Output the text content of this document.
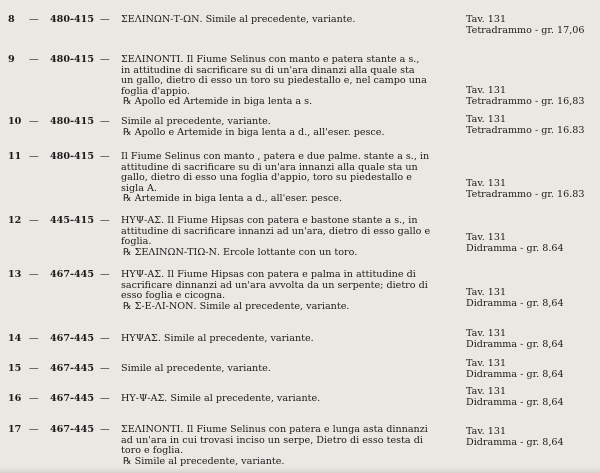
8	— 480-415 — ΣΕΛΙΝΩΝ-Τ-ΩΝ. Simile al precedente, variante.	Tav. 131
Tetradrammo - gr. 17,06
9	— 480-415 — ΣΕΛΙΝΟΝΤΙ. Il Fiume Selinus con manto e patera stante a s.,

in attitudine di sacrificare su di un'ara dinanzi alla quale sta

un gallo, dietro di esso un toro su piedestallo e, nel campo una

foglia d'appio.

℞ Apollo ed Artemide in biga lenta a s.

Tav. 131
Tetradrammo - gr. 16,83
10 — 480-415 — Simile al precedente, variante.

℞ Apollo e Artemide in biga lenta a d., all'eser. pesce.

Tav. 131
Tetradrammo - gr. 16.83
11 — 480-415 — Il Fiume Selinus con manto , patera e due palme. stante a s., in

attitudine di sacrificare su di un'ara innanzi alla quale sta un

gallo, dietro di esso una foglia d'appio, toro su piedestallo e

sigla A.

℞ Artemide in biga lenta a d., all'eser. pesce.

Tav. 131
Tetradrammo - gr. 16.83
12 — 445-415 — ΗΥΨ-ΑΣ. Il Fiume Hipsas con patera e bastone stante a s., in

attitudine di sacrificare innanzi ad un'ara, dietro di esso gallo e

foglia.

℞ ΣΕΛΙΝΩΝ-ΤΙΩ-Ν. Ercole lottante con un toro.

Tav. 131
Didramma - gr. 8.64
13 — 467-445 — ΗΥΨ-ΑΣ. Il Fiume Hipsas con patera e palma in attitudine di

sacrificare dinnanzi ad un'ara avvolta da un serpente; dietro di

esso foglia e cicogna.

℞ Σ-Ε-ΛΙ-ΝΟΝ. Simile al precedente, variante.

Tav. 131
Didramma - gr. 8,64
14 — 467-445 — ΗΥΨΑΣ. Simile al precedente, variante.	Tav. 131
Didramma - gr. 8,64
15 — 467-445 — Simile al precedente, variante.	Tav. 131
Didramma - gr. 8,64
16 — 467-445 — ΗΥ-Ψ-ΑΣ. Simile al precedente, variante.

Tav. 131
Didramma - gr. 8,64
17 — 467-445 — ΣΕΛΙΝΟΝΤΙ. Il Fiume Selinus con patera e lunga asta dinnanzi

ad un'ara in cui trovasi inciso un serpe, Dietro di esso testa di

toro e foglia.

℞ Simile al precedente, variante.

Tav. 131
Didramma - gr. 8,64
